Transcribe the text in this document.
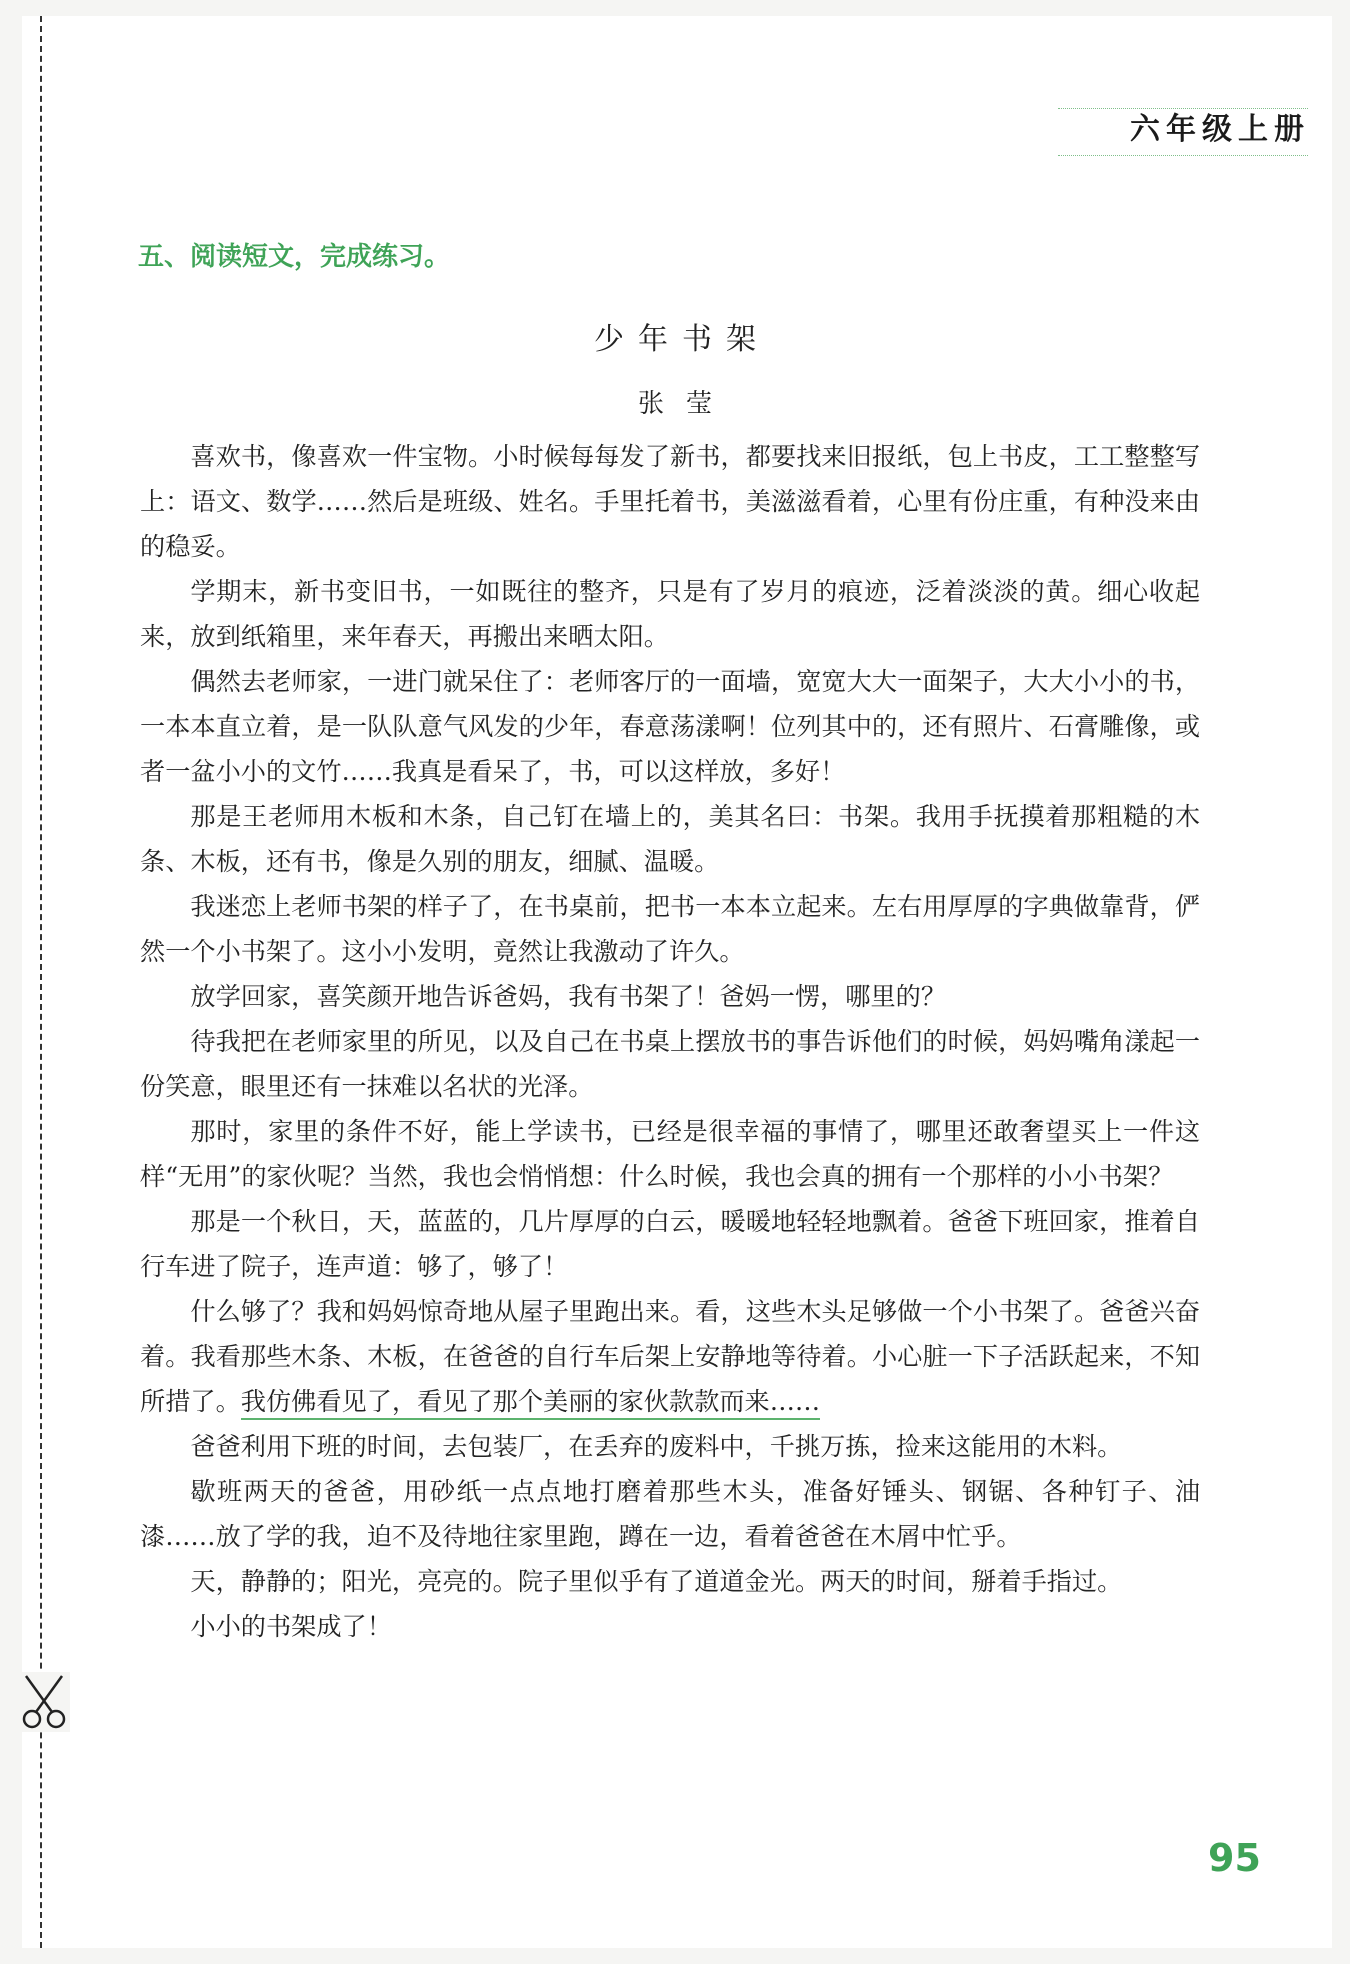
六年级上册
五、阅读短文，完成练习。
少年书架
张莹

喜欢书，像喜欢一件宝物。小时候每每发了新书，都要找来旧报纸，包上书皮，工工整整写上：语文、数学……然后是班级、姓名。手里托着书，美滋滋看着，心里有份庄重，有种没来由的稳妥。

学期末，新书变旧书，一如既往的整齐，只是有了岁月的痕迹，泛着淡淡的黄。细心收起来，放到纸箱里，来年春天，再搬出来晒太阳。

偶然去老师家，一进门就呆住了：老师客厅的一面墙，宽宽大大一面架子，大大小小的书，一本本直立着，是一队队意气风发的少年，春意荡漾啊！位列其中的，还有照片、石膏雕像，或者一盆小小的文竹……我真是看呆了，书，可以这样放，多好！

那是王老师用木板和木条，自己钉在墙上的，美其名曰：书架。我用手抚摸着那粗糙的木条、木板，还有书，像是久别的朋友，细腻、温暖。

我迷恋上老师书架的样子了，在书桌前，把书一本本立起来。左右用厚厚的字典做靠背，俨然一个小书架了。这小小发明，竟然让我激动了许久。

放学回家，喜笑颜开地告诉爸妈，我有书架了！爸妈一愣，哪里的？

待我把在老师家里的所见，以及自己在书桌上摆放书的事告诉他们的时候，妈妈嘴角漾起一份笑意，眼里还有一抹难以名状的光泽。

那时，家里的条件不好，能上学读书，已经是很幸福的事情了，哪里还敢奢望买上一件这样“无用”的家伙呢？当然，我也会悄悄想：什么时候，我也会真的拥有一个那样的小小书架？

那是一个秋日，天，蓝蓝的，几片厚厚的白云，暖暖地轻轻地飘着。爸爸下班回家，推着自行车进了院子，连声道：够了，够了！

什么够了？我和妈妈惊奇地从屋子里跑出来。看，这些木头足够做一个小书架了。爸爸兴奋着。我看那些木条、木板，在爸爸的自行车后架上安静地等待着。小心脏一下子活跃起来，不知所措了。我仿佛看见了，看见了那个美丽的家伙款款而来……

爸爸利用下班的时间，去包装厂，在丢弃的废料中，千挑万拣，捡来这能用的木料。

歇班两天的爸爸，用砂纸一点点地打磨着那些木头，准备好锤头、钢锯、各种钉子、油漆……放了学的我，迫不及待地往家里跑，蹲在一边，看着爸爸在木屑中忙乎。

天，静静的；阳光，亮亮的。院子里似乎有了道道金光。两天的时间，掰着手指过。

小小的书架成了！

95
